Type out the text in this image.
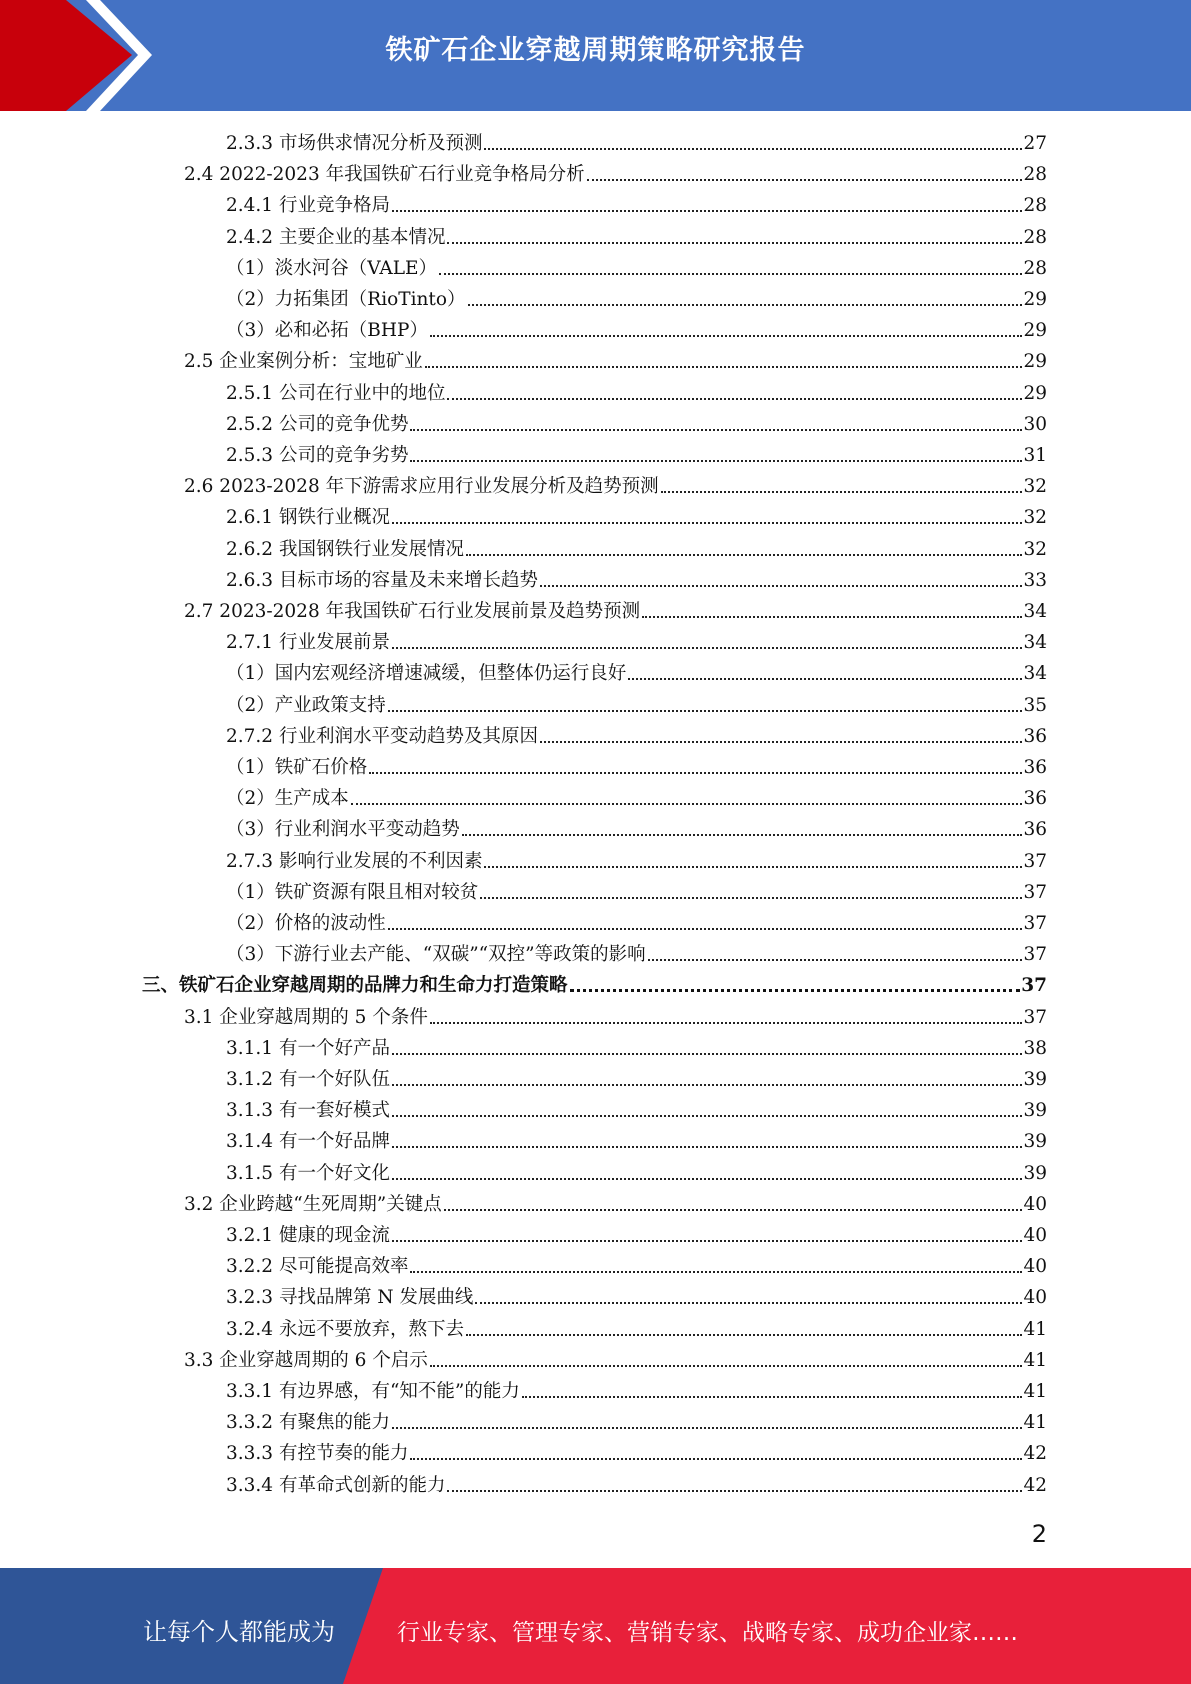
铁矿石企业穿越周期策略研究报告
2.3.3 市场供求情况分析及预测	27
2.4 2022-2023 年我国铁矿石行业竞争格局分析	28
2.4.1 行业竞争格局	28
2.4.2 主要企业的基本情况	28
（1）淡水河谷（VALE）	28
（2）力拓集团（RioTinto）	29
（3）必和必拓（BHP）	29
2.5 企业案例分析：宝地矿业	29
2.5.1 公司在行业中的地位	29
2.5.2 公司的竞争优势	30
2.5.3 公司的竞争劣势	31
2.6 2023-2028 年下游需求应用行业发展分析及趋势预测	32
2.6.1 钢铁行业概况	32
2.6.2 我国钢铁行业发展情况	32
2.6.3 目标市场的容量及未来增长趋势	33
2.7 2023-2028 年我国铁矿石行业发展前景及趋势预测	34
2.7.1 行业发展前景	34
（1）国内宏观经济增速减缓，但整体仍运行良好	34
（2）产业政策支持	35
2.7.2 行业利润水平变动趋势及其原因	36
（1）铁矿石价格	36
（2）生产成本	36
（3）行业利润水平变动趋势	36
2.7.3 影响行业发展的不利因素	37
（1）铁矿资源有限且相对较贫	37
（2）价格的波动性	37
（3）下游行业去产能、“双碳”“双控”等政策的影响	37
三、铁矿石企业穿越周期的品牌力和生命力打造策略	37
3.1 企业穿越周期的 5 个条件	37
3.1.1 有一个好产品	38
3.1.2 有一个好队伍	39
3.1.3 有一套好模式	39
3.1.4 有一个好品牌	39
3.1.5 有一个好文化	39
3.2 企业跨越“生死周期”关键点	40
3.2.1 健康的现金流	40
3.2.2 尽可能提高效率	40
3.2.3 寻找品牌第 N 发展曲线	40
3.2.4 永远不要放弃，熬下去	41
3.3 企业穿越周期的 6 个启示	41
3.3.1 有边界感，有“知不能”的能力	41
3.3.2 有聚焦的能力	41
3.3.3 有控节奏的能力	42
3.3.4 有革命式创新的能力	42
2
让每个人都能成为	行业专家、管理专家、营销专家、战略专家、成功企业家……
